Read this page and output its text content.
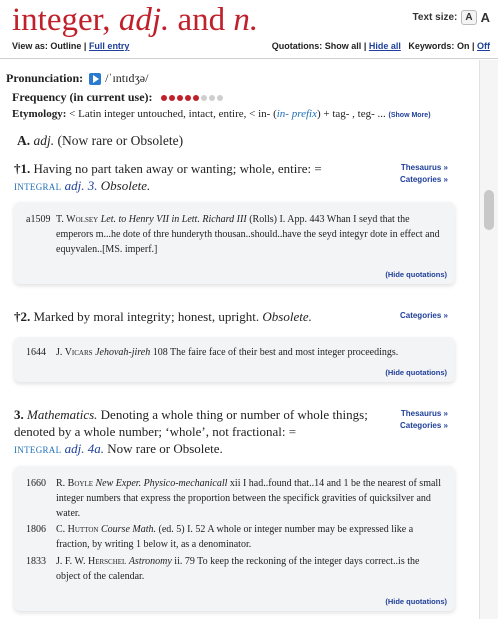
integer, adj. and n.	Text size: A A
View as: Outline | Full entry	Quotations: Show all | Hide all Keywords: On | Off
Pronunciation: /ˈɪntɪdʒə/
Frequency (in current use):
Etymology: < Latin integer untouched, intact, entire, < in- (in- prefix) + tag- , teg- ... (Show More)
A. adj. (Now rare or Obsolete)
†1. Having no part taken away or wanting; whole, entire: =
INTEGRAL adj. 3. Obsolete.
Thesaurus »
Categories »
a1509 T. Wolsey Let. to Henry VII in Lett. Richard III (Rolls) I. App. 443 Whan I seyd that the emperors m...he dote of thre hunderyth thousan..should..have the seyd integyr dote in effect and equyvalen..[MS. imperf.]
(Hide quotations)
†2. Marked by moral integrity; honest, upright. Obsolete.	Categories »
1644	J. Vicars Jehovah-jireh 108 The faire face of their best and most integer proceedings.
(Hide quotations)
3. Mathematics. Denoting a whole thing or number of whole things; denoted by a whole number; ‘whole’, not fractional: =
INTEGRAL adj. 4a. Now rare or Obsolete.
Thesaurus »
Categories »
1660	R. Boyle New Exper. Physico-mechanicall xii I had..found that..14 and 1 be the nearest of small integer numbers that express the proportion between the specifick gravities of quicksilver and water.
1806	C. Hutton Course Math. (ed. 5) I. 52 A whole or integer number may be expressed like a fraction, by writing 1 below it, as a denominator.
1833	J. F. W. Herschel Astronomy ii. 79 To keep the reckoning of the integer days correct..is the object of the calendar.
(Hide quotations)
